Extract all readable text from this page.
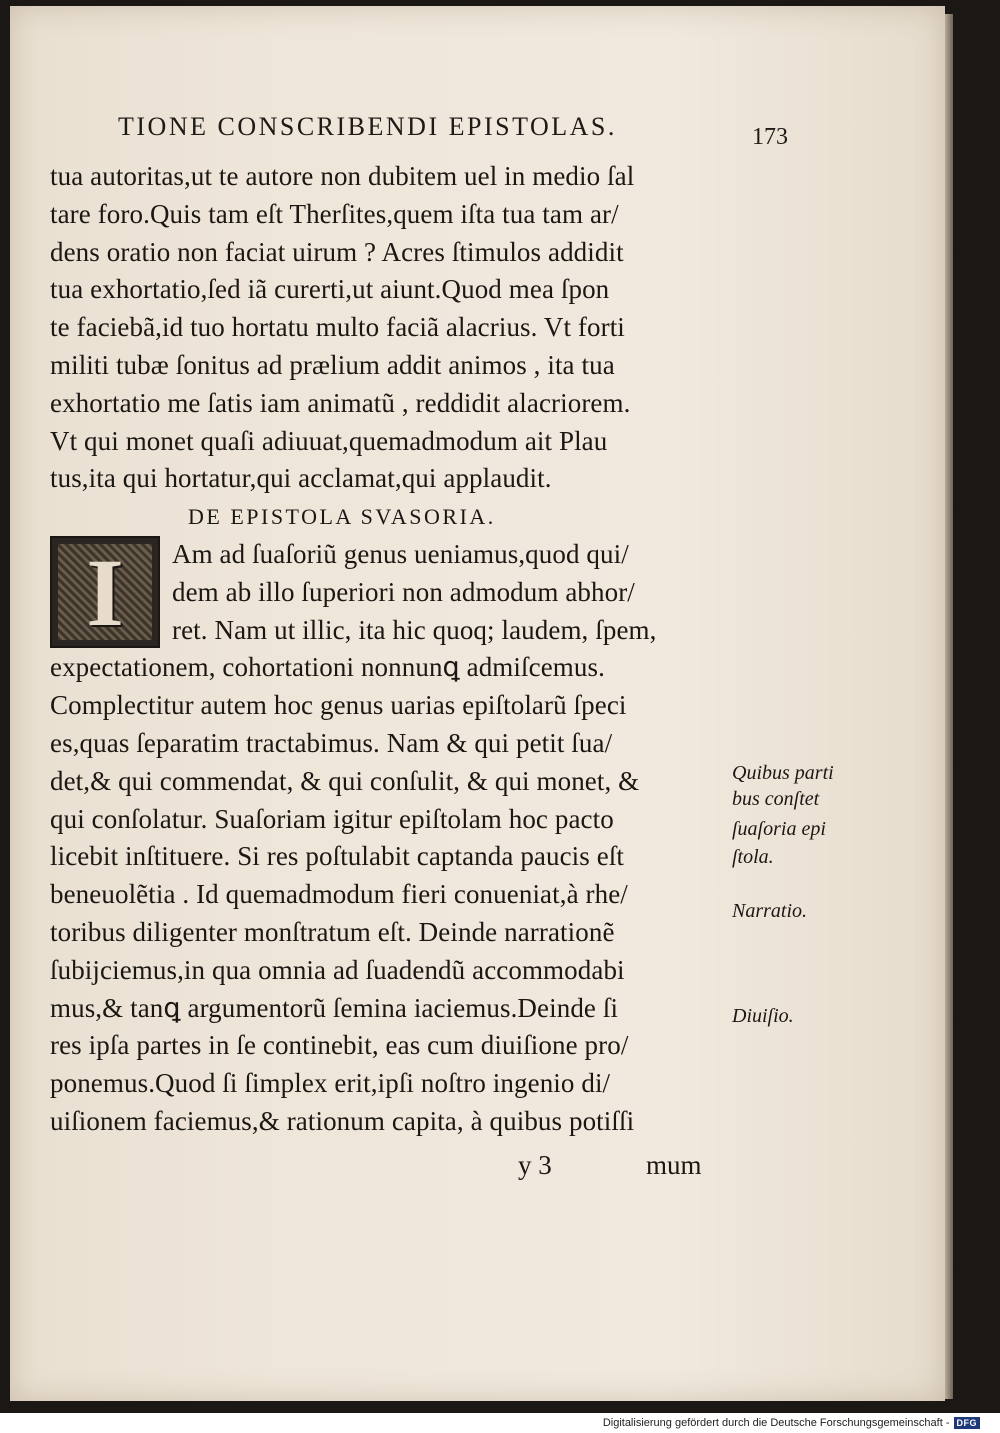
TIONE CONSCRIBENDI EPISTOLAS.	173
tua autoritas,ut te autore non dubitem uel in medio ſal
tare foro.Quis tam eſt Therſites,quem iſta tua tam ar/
dens oratio non faciat uirum ? Acres ſtimulos addidit
tua exhortatio,ſed iã curerti,ut aiunt.Quod mea ſpon
te faciebã,id tuo hortatu multo faciã alacrius. Vt forti
militi tubæ ſonitus ad prælium addit animos , ita tua
exhortatio me ſatis iam animatũ , reddidit alacriorem.
Vt qui monet quaſi adiuuat,quemadmodum ait Plau
tus,ita qui hortatur,qui acclamat,qui applaudit.
DE EPISTOLA SVASORIA.
Am ad ſuaſoriũ genus ueniamus,quod qui/
dem ab illo ſuperiori non admodum abhor/
ret. Nam ut illic, ita hic quoq; laudem, ſpem,
expectationem, cohortationi nonnunꝗ admiſcemus.
Complectitur autem hoc genus uarias epiſtolarũ ſpeci
es,quas ſeparatim tractabimus. Nam & qui petit ſua/
det,& qui commendat, & qui conſulit, & qui monet, &
qui conſolatur. Suaſoriam igitur epiſtolam hoc pacto
licebit inſtituere. Si res poſtulabit captanda paucis eſt
beneuolẽtia . Id quemadmodum fieri conueniat,à rhe/
toribus diligenter monſtratum eſt. Deinde narrationẽ
ſubijciemus,in qua omnia ad ſuadendũ accommodabi
mus,& tanꝗ argumentorũ ſemina iaciemus.Deinde ſi
res ipſa partes in ſe continebit, eas cum diuiſione pro/
ponemus.Quod ſi ſimplex erit,ipſi noſtro ingenio di/
uiſionem faciemus,& rationum capita, à quibus potiſſi
I
Quibus parti
bus conſtet
ſuaſoria epi
ſtola.
Narratio.
Diuiſio.
y 3	mum
Digitalisierung gefördert durch die Deutsche Forschungsgemeinschaft - DFG
